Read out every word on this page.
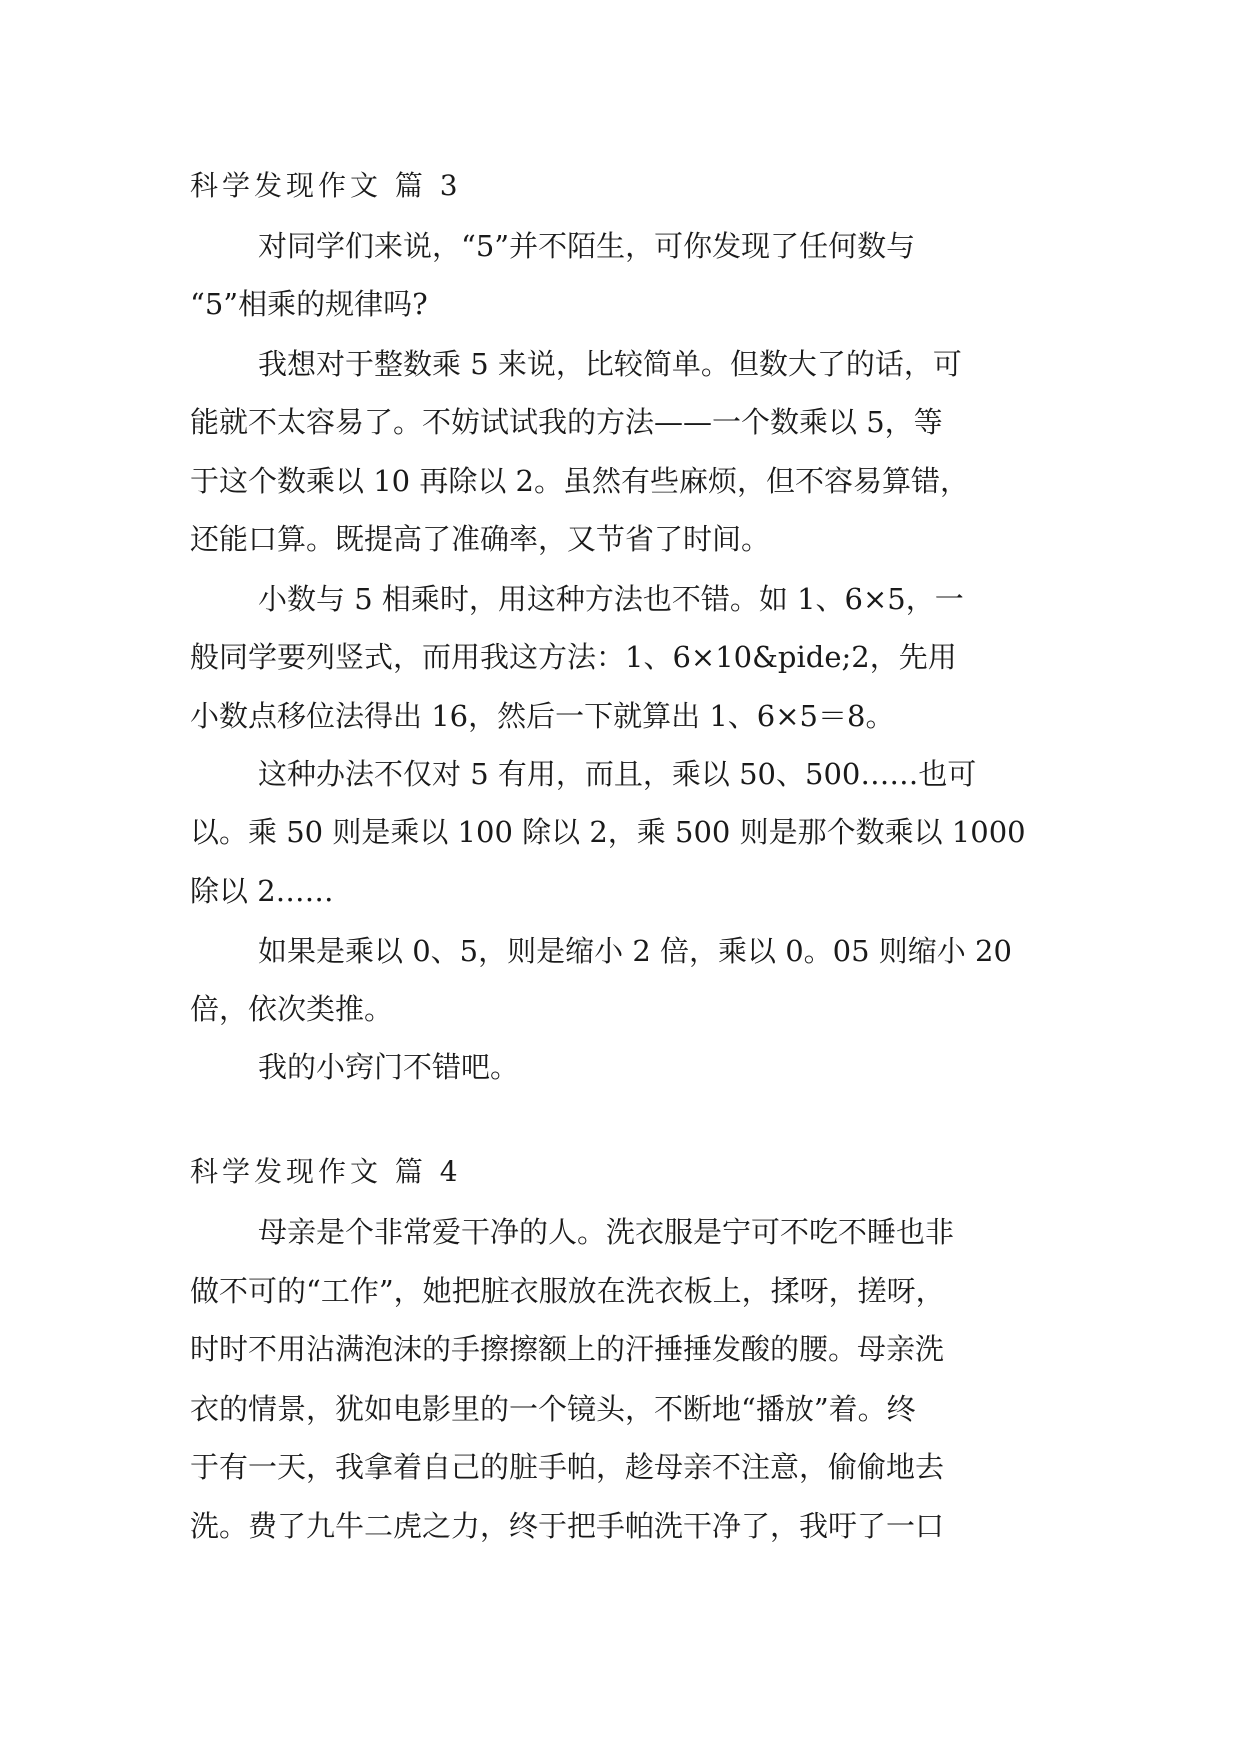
科学发现作文 篇 3
对同学们来说，“5”并不陌生，可你发现了任何数与
“5”相乘的规律吗?
我想对于整数乘 5 来说，比较简单。但数大了的话，可
能就不太容易了。不妨试试我的方法——一个数乘以 5，等
于这个数乘以 10 再除以 2。虽然有些麻烦，但不容易算错，
还能口算。既提高了准确率，又节省了时间。
小数与 5 相乘时，用这种方法也不错。如 1、6×5，一
般同学要列竖式，而用我这方法：1、6×10&pide;2，先用
小数点移位法得出 16，然后一下就算出 1、6×5＝8。
这种办法不仅对 5 有用，而且，乘以 50、500……也可
以。乘 50 则是乘以 100 除以 2，乘 500 则是那个数乘以 1000
除以 2……
如果是乘以 0、5，则是缩小 2 倍，乘以 0。05 则缩小 20
倍，依次类推。
我的小窍门不错吧。
科学发现作文 篇 4
母亲是个非常爱干净的人。洗衣服是宁可不吃不睡也非
做不可的“工作”，她把脏衣服放在洗衣板上，揉呀，搓呀，
时时不用沾满泡沫的手擦擦额上的汗捶捶发酸的腰。母亲洗
衣的情景，犹如电影里的一个镜头，不断地“播放”着。终
于有一天，我拿着自己的脏手帕，趁母亲不注意，偷偷地去
洗。费了九牛二虎之力，终于把手帕洗干净了，我吁了一口
